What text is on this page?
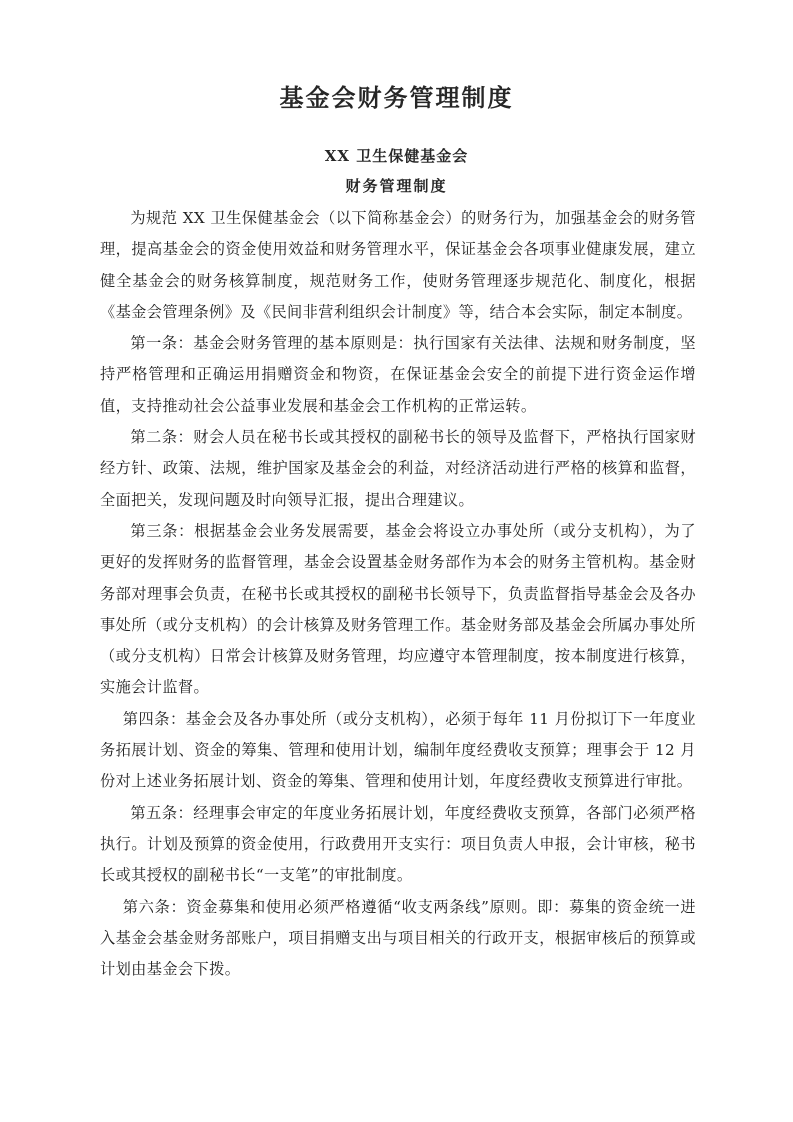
基金会财务管理制度
XX 卫生保健基金会
财务管理制度

为规范 XX 卫生保健基金会（以下简称基金会）的财务行为，加强基金会的财务管理，提高基金会的资金使用效益和财务管理水平，保证基金会各项事业健康发展，建立健全基金会的财务核算制度，规范财务工作，使财务管理逐步规范化、制度化，根据《基金会管理条例》及《民间非营利组织会计制度》等，结合本会实际，制定本制度。

第一条：基金会财务管理的基本原则是：执行国家有关法律、法规和财务制度，坚持严格管理和正确运用捐赠资金和物资，在保证基金会安全的前提下进行资金运作增值，支持推动社会公益事业发展和基金会工作机构的正常运转。

第二条：财会人员在秘书长或其授权的副秘书长的领导及监督下，严格执行国家财经方针、政策、法规，维护国家及基金会的利益，对经济活动进行严格的核算和监督，全面把关，发现问题及时向领导汇报，提出合理建议。

第三条：根据基金会业务发展需要，基金会将设立办事处所（或分支机构），为了更好的发挥财务的监督管理，基金会设置基金财务部作为本会的财务主管机构。基金财务部对理事会负责，在秘书长或其授权的副秘书长领导下，负责监督指导基金会及各办事处所（或分支机构）的会计核算及财务管理工作。基金财务部及基金会所属办事处所（或分支机构）日常会计核算及财务管理，均应遵守本管理制度，按本制度进行核算，实施会计监督。

第四条：基金会及各办事处所（或分支机构），必须于每年 11 月份拟订下一年度业务拓展计划、资金的筹集、管理和使用计划，编制年度经费收支预算；理事会于 12 月份对上述业务拓展计划、资金的筹集、管理和使用计划，年度经费收支预算进行审批。

第五条：经理事会审定的年度业务拓展计划，年度经费收支预算，各部门必须严格执行。计划及预算的资金使用，行政费用开支实行：项目负责人申报，会计审核，秘书长或其授权的副秘书长“一支笔”的审批制度。

第六条：资金募集和使用必须严格遵循“收支两条线”原则。即：募集的资金统一进入基金会基金财务部账户，项目捐赠支出与项目相关的行政开支，根据审核后的预算或计划由基金会下拨。
